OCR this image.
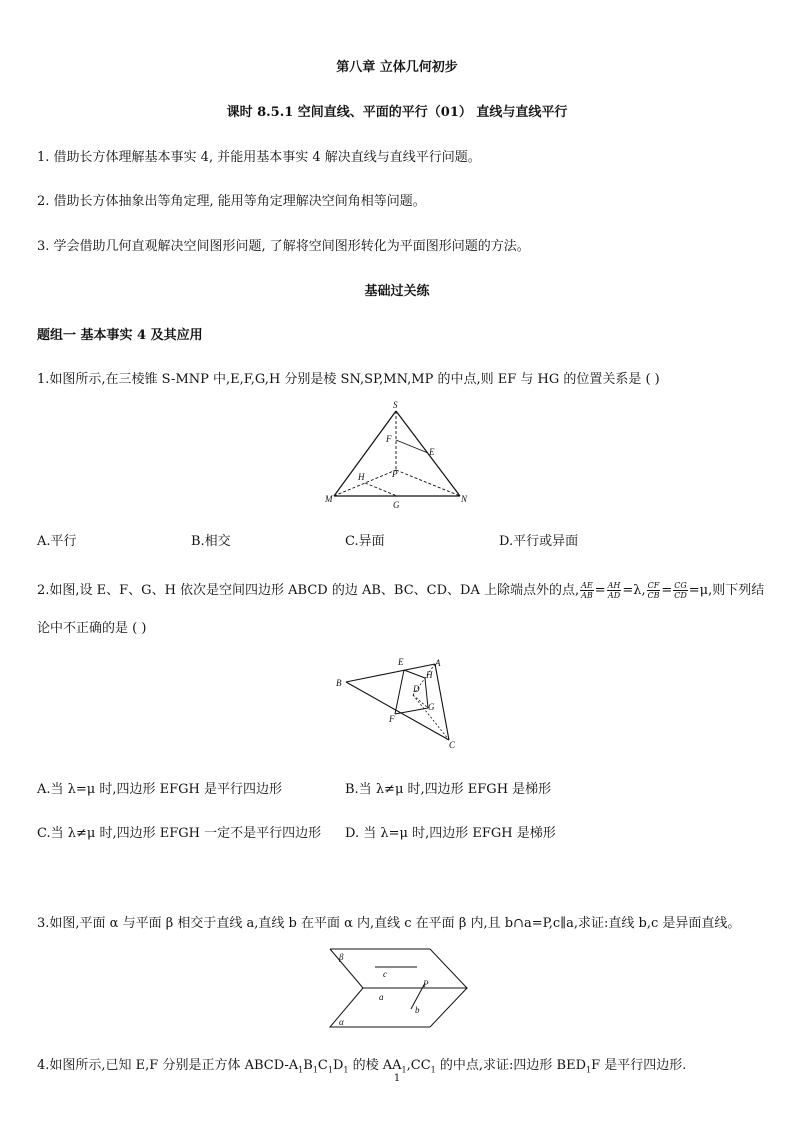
第八章 立体几何初步
课时 8.5.1 空间直线、平面的平行（01） 直线与直线平行
1. 借助长方体理解基本事实 4, 并能用基本事实 4 解决直线与直线平行问题。
2. 借助长方体抽象出等角定理, 能用等角定理解决空间角相等问题。
3. 学会借助几何直观解决空间图形问题, 了解将空间图形转化为平面图形问题的方法。
基础过关练
题组一 基本事实 4 及其应用
1.如图所示,在三棱锥 S-MNP 中,E,F,G,H 分别是棱 SN,SP,MN,MP 的中点,则 EF 与 HG 的位置关系是 ( )
S
F
E
H	P
M
G
N
A.平行	B.相交	C.异面	D.平行或异面
2.如图,设 E、F、G、H 依次是空间四边形 ABCD 的边 AB、BC、CD、DA 上除端点外的点, $\frac{AE}{AB} = \frac{AH}{AD} =\lambda$, $\frac{CF}{CB} = \frac{CG}{CD} =\mu$,则下列结
论中不正确的是 ( )
E	A
H
B
D
G
F
C
A.当 λ=μ 时,四边形 EFGH 是平行四边形	B.当 λ≠μ 时,四边形 EFGH 是梯形
C.当 λ≠μ 时,四边形 EFGH 一定不是平行四边形 D. 当 λ=μ 时,四边形 EFGH 是梯形
3.如图,平面 α 与平面 β 相交于直线 a,直线 b 在平面 α 内,直线 c 在平面 β 内,且 b∩a=P,c∥a,求证:直线 b,c 是异面直线。
β
c
a
P
b
α
4.如图所示,已知 E,F 分别是正方体 ABCD-$A_1B_1C_1D_1$ 的棱 $AA_1,CC_1$ 的中点,求证:四边形 $BED_1F$ 是平行四边形.
1
